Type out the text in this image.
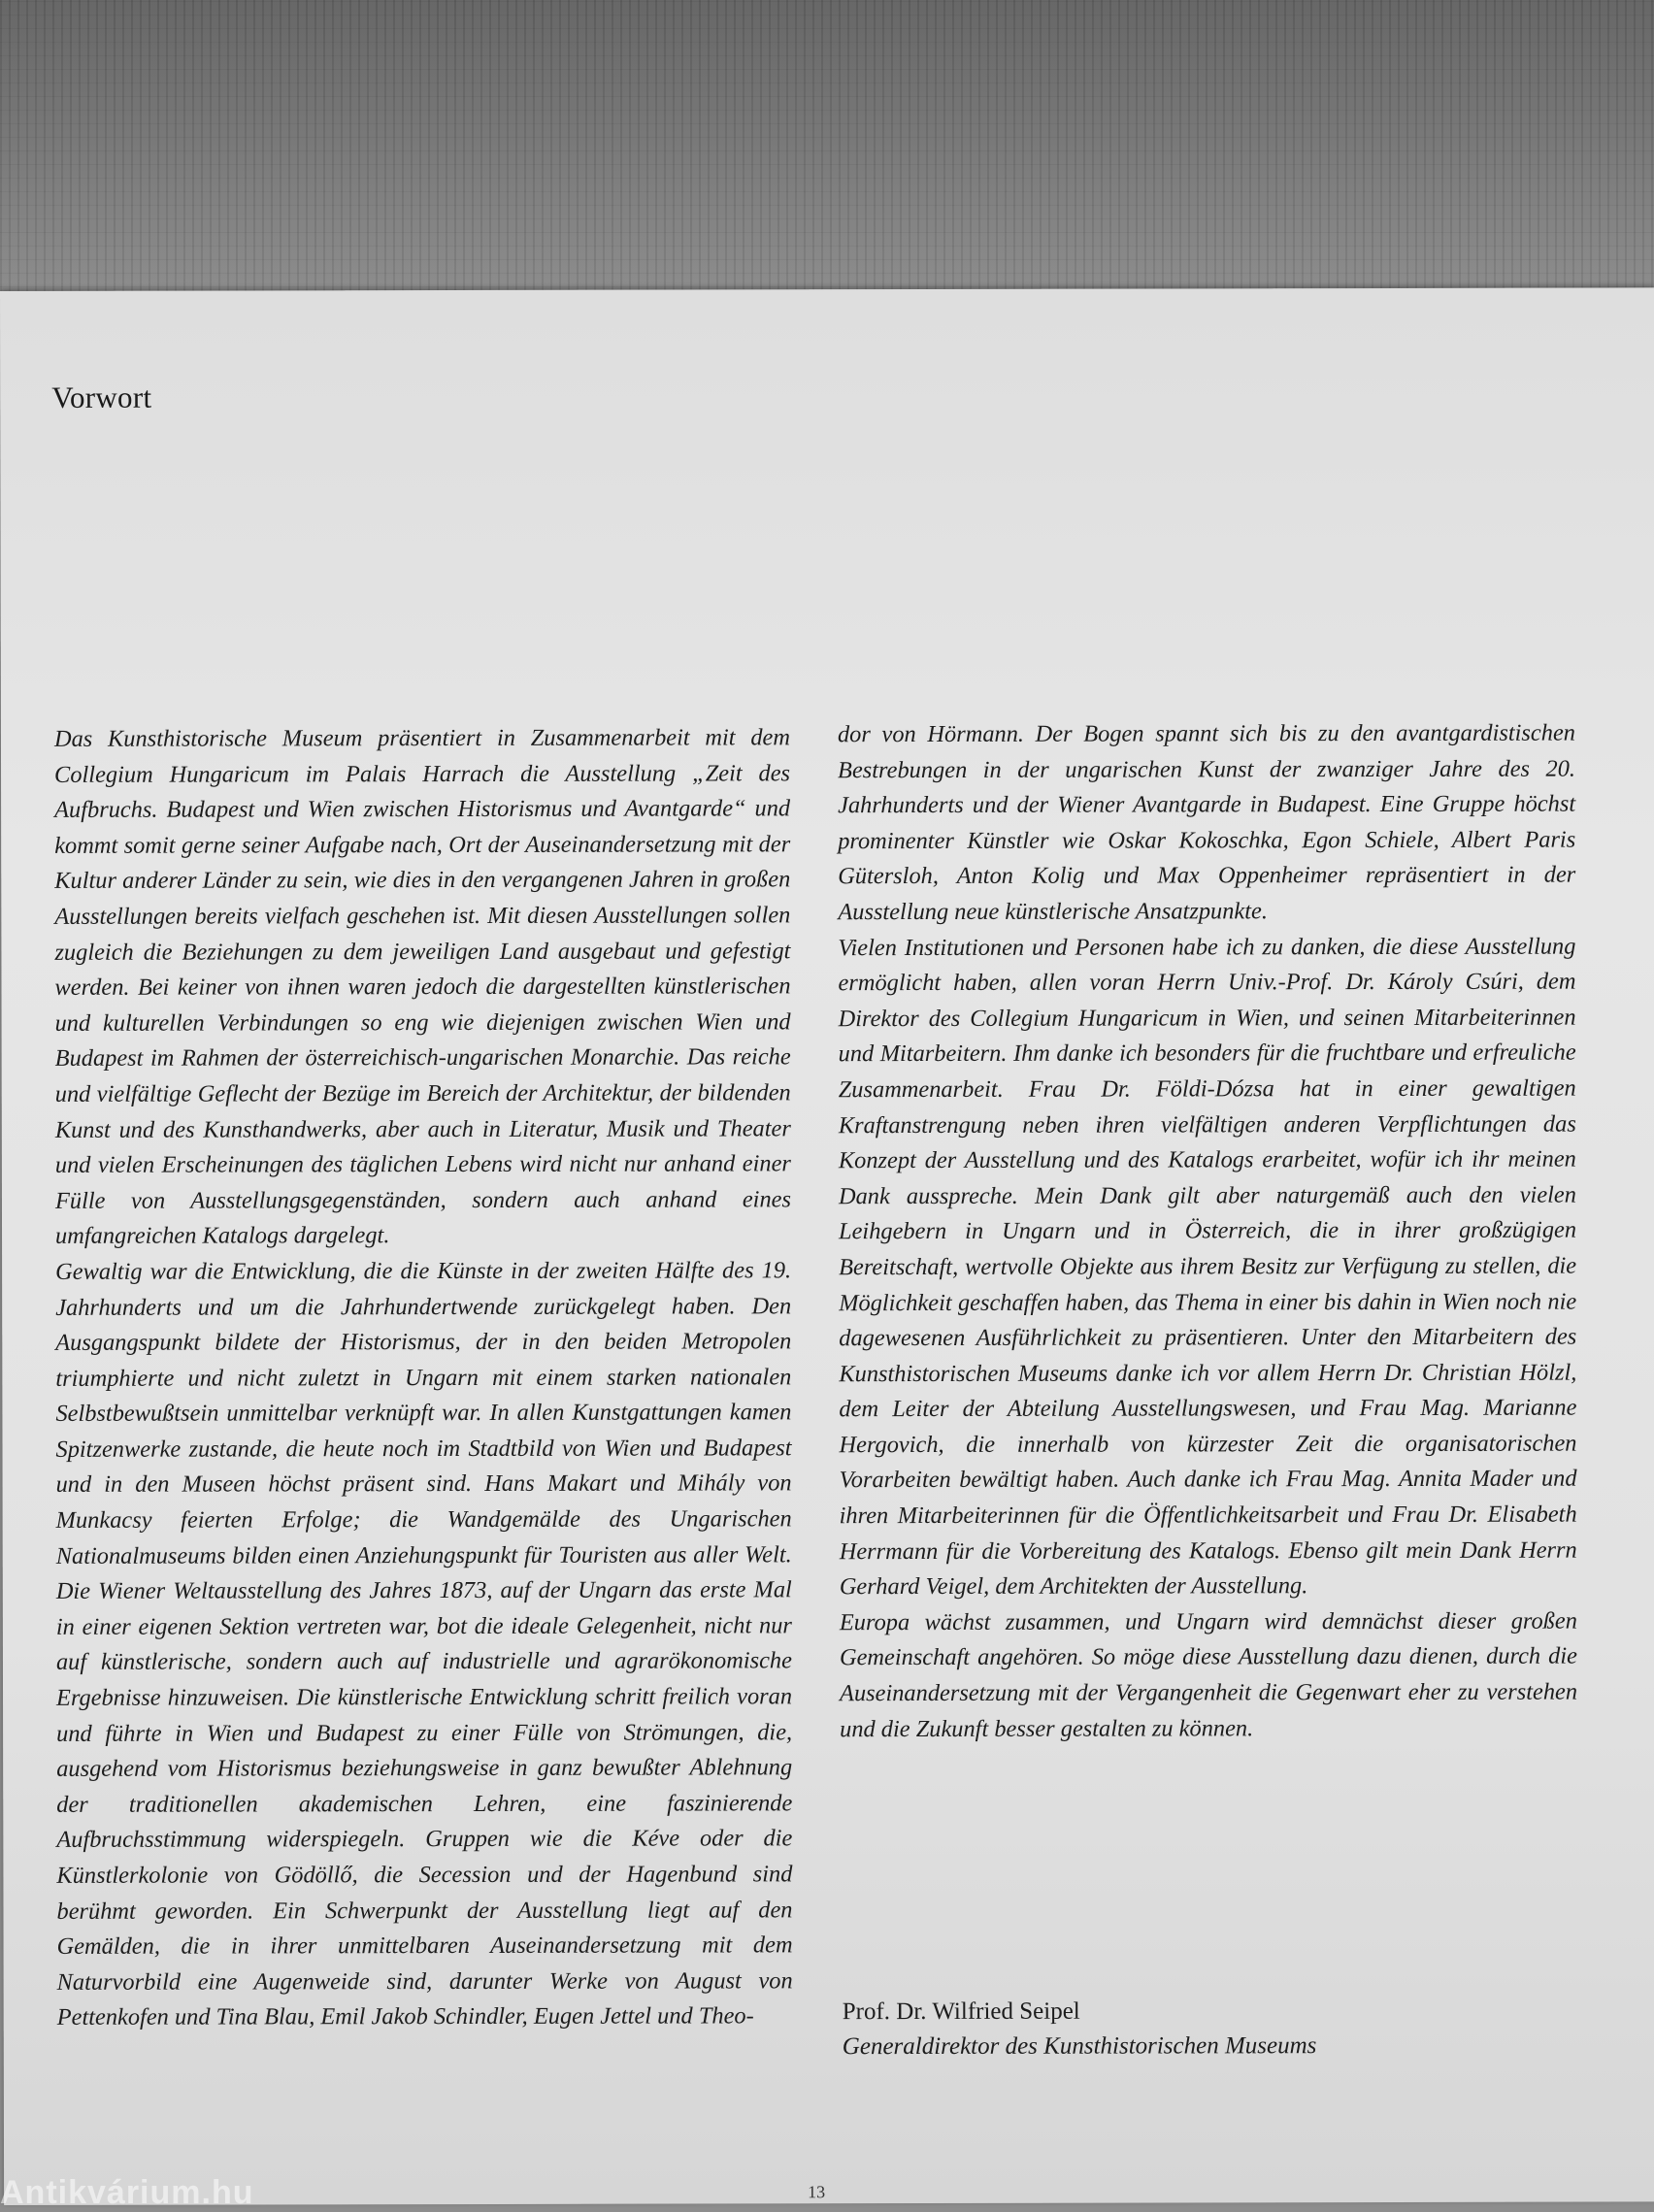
Vorwort

Das Kunsthistorische Museum präsentiert in Zusammenarbeit mit dem Collegium Hungaricum im Palais Harrach die Ausstellung „Zeit des Aufbruchs. Budapest und Wien zwischen Historismus und Avantgarde“ und kommt somit gerne seiner Aufgabe nach, Ort der Auseinandersetzung mit der Kultur anderer Länder zu sein, wie dies in den vergangenen Jahren in großen Ausstellungen bereits vielfach geschehen ist. Mit diesen Ausstellungen sollen zugleich die Beziehungen zu dem jeweiligen Land ausgebaut und gefestigt werden. Bei keiner von ihnen waren jedoch die dargestellten künstlerischen und kulturellen Verbindungen so eng wie diejenigen zwischen Wien und Budapest im Rahmen der österreichisch-ungarischen Monarchie. Das reiche und vielfältige Geflecht der Bezüge im Bereich der Architektur, der bildenden Kunst und des Kunsthandwerks, aber auch in Literatur, Musik und Theater und vielen Erscheinungen des täglichen Lebens wird nicht nur anhand einer Fülle von Ausstellungsgegenständen, sondern auch anhand eines umfangreichen Katalogs dargelegt.

Gewaltig war die Entwicklung, die die Künste in der zweiten Hälfte des 19. Jahrhunderts und um die Jahrhundertwende zurückgelegt haben. Den Ausgangspunkt bildete der Historismus, der in den beiden Metropolen triumphierte und nicht zuletzt in Ungarn mit einem starken nationalen Selbstbewußtsein unmittelbar verknüpft war. In allen Kunstgattungen kamen Spitzenwerke zustande, die heute noch im Stadtbild von Wien und Budapest und in den Museen höchst präsent sind. Hans Makart und Mihály von Munkacsy feierten Erfolge; die Wandgemälde des Ungarischen Nationalmuseums bilden einen Anziehungspunkt für Touristen aus aller Welt. Die Wiener Weltausstellung des Jahres 1873, auf der Ungarn das erste Mal in einer eigenen Sektion vertreten war, bot die ideale Gelegenheit, nicht nur auf künstlerische, sondern auch auf industrielle und agrarökonomische Ergebnisse hinzuweisen. Die künstlerische Entwicklung schritt freilich voran und führte in Wien und Budapest zu einer Fülle von Strömungen, die, ausgehend vom Historismus beziehungsweise in ganz bewußter Ablehnung der traditionellen akademischen Lehren, eine faszinierende Aufbruchsstimmung widerspiegeln. Gruppen wie die Kéve oder die Künstlerkolonie von Gödöllő, die Secession und der Hagenbund sind berühmt geworden. Ein Schwerpunkt der Ausstellung liegt auf den Gemälden, die in ihrer unmittelbaren Auseinandersetzung mit dem Naturvorbild eine Augenweide sind, darunter Werke von August von Pettenkofen und Tina Blau, Emil Jakob Schindler, Eugen Jettel und Theo-

dor von Hörmann. Der Bogen spannt sich bis zu den avantgardistischen Bestrebungen in der ungarischen Kunst der zwanziger Jahre des 20. Jahrhunderts und der Wiener Avantgarde in Budapest. Eine Gruppe höchst prominenter Künstler wie Oskar Kokoschka, Egon Schiele, Albert Paris Gütersloh, Anton Kolig und Max Oppenheimer repräsentiert in der Ausstellung neue künstlerische Ansatzpunkte.

Vielen Institutionen und Personen habe ich zu danken, die diese Ausstellung ermöglicht haben, allen voran Herrn Univ.-Prof. Dr. Károly Csúri, dem Direktor des Collegium Hungaricum in Wien, und seinen Mitarbeiterinnen und Mitarbeitern. Ihm danke ich besonders für die fruchtbare und erfreuliche Zusammenarbeit. Frau Dr. Földi-Dózsa hat in einer gewaltigen Kraftanstrengung neben ihren vielfältigen anderen Verpflichtungen das Konzept der Ausstellung und des Katalogs erarbeitet, wofür ich ihr meinen Dank ausspreche. Mein Dank gilt aber naturgemäß auch den vielen Leihgebern in Ungarn und in Österreich, die in ihrer großzügigen Bereitschaft, wertvolle Objekte aus ihrem Besitz zur Verfügung zu stellen, die Möglichkeit geschaffen haben, das Thema in einer bis dahin in Wien noch nie dagewesenen Ausführlichkeit zu präsentieren. Unter den Mitarbeitern des Kunsthistorischen Museums danke ich vor allem Herrn Dr. Christian Hölzl, dem Leiter der Abteilung Ausstellungswesen, und Frau Mag. Marianne Hergovich, die innerhalb von kürzester Zeit die organisatorischen Vorarbeiten bewältigt haben. Auch danke ich Frau Mag. Annita Mader und ihren Mitarbeiterinnen für die Öffentlichkeitsarbeit und Frau Dr. Elisabeth Herrmann für die Vorbereitung des Katalogs. Ebenso gilt mein Dank Herrn Gerhard Veigel, dem Architekten der Ausstellung.

Europa wächst zusammen, und Ungarn wird demnächst dieser großen Gemeinschaft angehören. So möge diese Ausstellung dazu dienen, durch die Auseinandersetzung mit der Vergangenheit die Gegenwart eher zu verstehen und die Zukunft besser gestalten zu können.

Prof. Dr. Wilfried Seipel
Generaldirektor des Kunsthistorischen Museums
13
Antikvárium.hu
